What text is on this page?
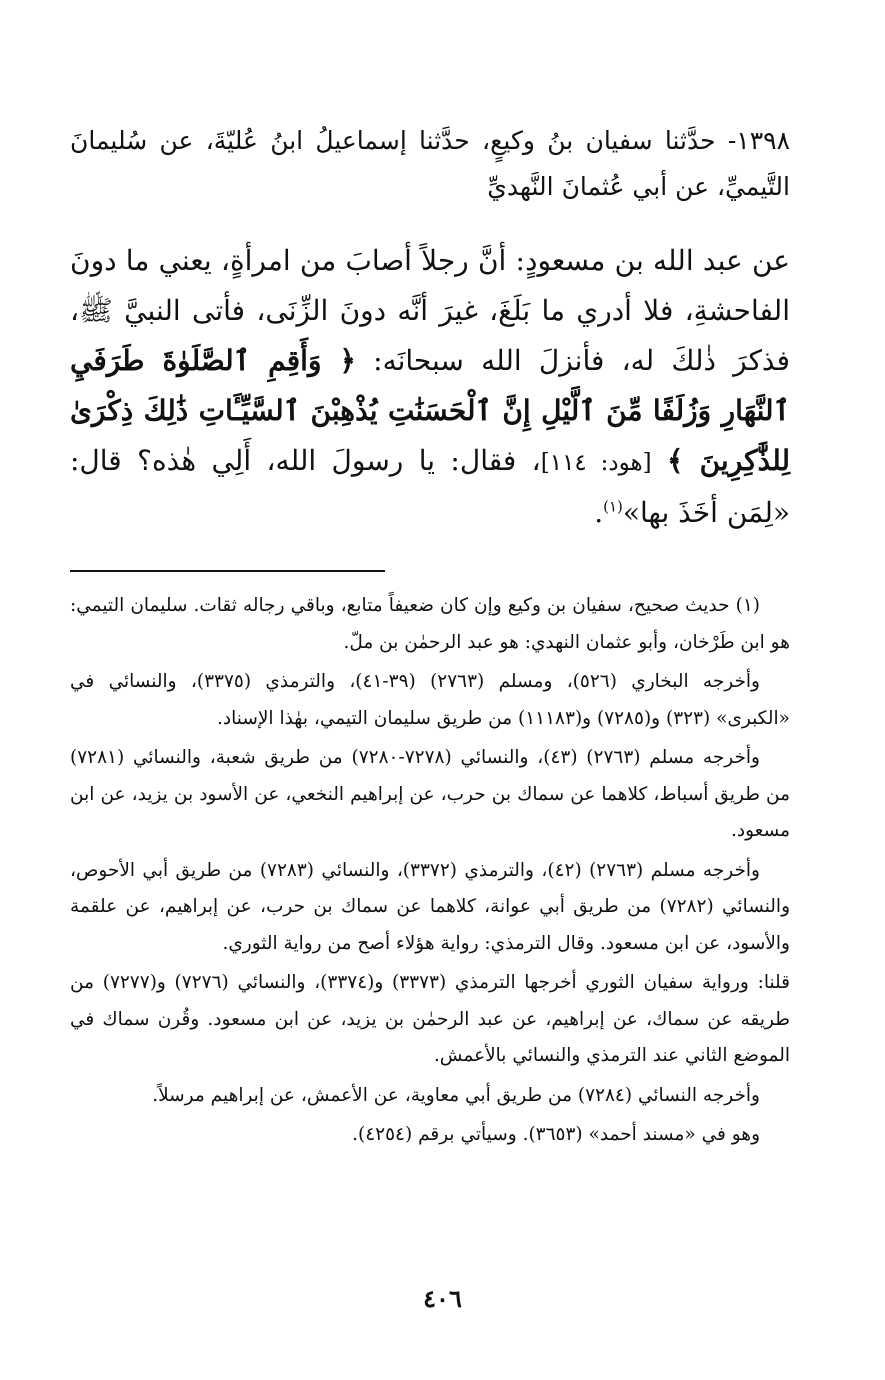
١٣٩٨- حدَّثنا سفيان بنُ وكيعٍ، حدَّثنا إسماعيلُ ابنُ عُليّةَ، عن سُليمانَ التَّيميِّ، عن أبي عُثمانَ النَّهديِّ

عن عبد الله بن مسعودٍ: أنَّ رجلاً أصابَ من امرأةٍ، يعني ما دونَ الفاحشةِ، فلا أدري ما بَلَغَ، غيرَ أنَّه دونَ الزِّنَى، فأتى النبيَّ ﷺ، فذكرَ ذٰلكَ له، فأنزلَ الله سبحانَه: ﴿ وَأَقِمِ ٱلصَّلَوٰةَ طَرَفَيِ ٱلنَّهَارِ وَزُلَفًا مِّنَ ٱلَّيْلِ إِنَّ ٱلْحَسَنَٰتِ يُذْهِبْنَ ٱلسَّيِّـَٔاتِ ذَٰلِكَ ذِكْرَىٰ لِلذَّٰكِرِينَ ﴾ [هود: ١١٤]، فقال: يا رسولَ الله، أَلِي هٰذه؟ قال: «لِمَن أخَذَ بها»$^{(١)}$.

(١) حديث صحيح، سفيان بن وكيع وإن كان ضعيفاً متابع، وباقي رجاله ثقات. سليمان التيمي: هو ابن طَرْخان، وأبو عثمان النهدي: هو عبد الرحمٰن بن ملّ.

وأخرجه البخاري (٥٢٦)، ومسلم (٢٧٦٣) (٣٩-٤١)، والترمذي (٣٣٧٥)، والنسائي في «الكبرى» (٣٢٣) و(٧٢٨٥) و(١١١٨٣) من طريق سليمان التيمي، بهٰذا الإسناد.

وأخرجه مسلم (٢٧٦٣) (٤٣)، والنسائي (٧٢٧٨-٧٢٨٠) من طريق شعبة، والنسائي (٧٢٨١) من طريق أسباط، كلاهما عن سماك بن حرب، عن إبراهيم النخعي، عن الأسود بن يزيد، عن ابن مسعود.

وأخرجه مسلم (٢٧٦٣) (٤٢)، والترمذي (٣٣٧٢)، والنسائي (٧٢٨٣) من طريق أبي الأحوص، والنسائي (٧٢٨٢) من طريق أبي عوانة، كلاهما عن سماك بن حرب، عن إبراهيم، عن علقمة والأسود، عن ابن مسعود. وقال الترمذي: رواية هؤلاء أصح من رواية الثوري.

قلنا: ورواية سفيان الثوري أخرجها الترمذي (٣٣٧٣) و(٣٣٧٤)، والنسائي (٧٢٧٦) و(٧٢٧٧) من طريقه عن سماك، عن إبراهيم، عن عبد الرحمٰن بن يزيد، عن ابن مسعود. وقُرن سماك في الموضع الثاني عند الترمذي والنسائي بالأعمش.

وأخرجه النسائي (٧٢٨٤) من طريق أبي معاوية، عن الأعمش، عن إبراهيم مرسلاً.

وهو في «مسند أحمد» (٣٦٥٣). وسيأتي برقم (٤٢٥٤).

٤٠٦
